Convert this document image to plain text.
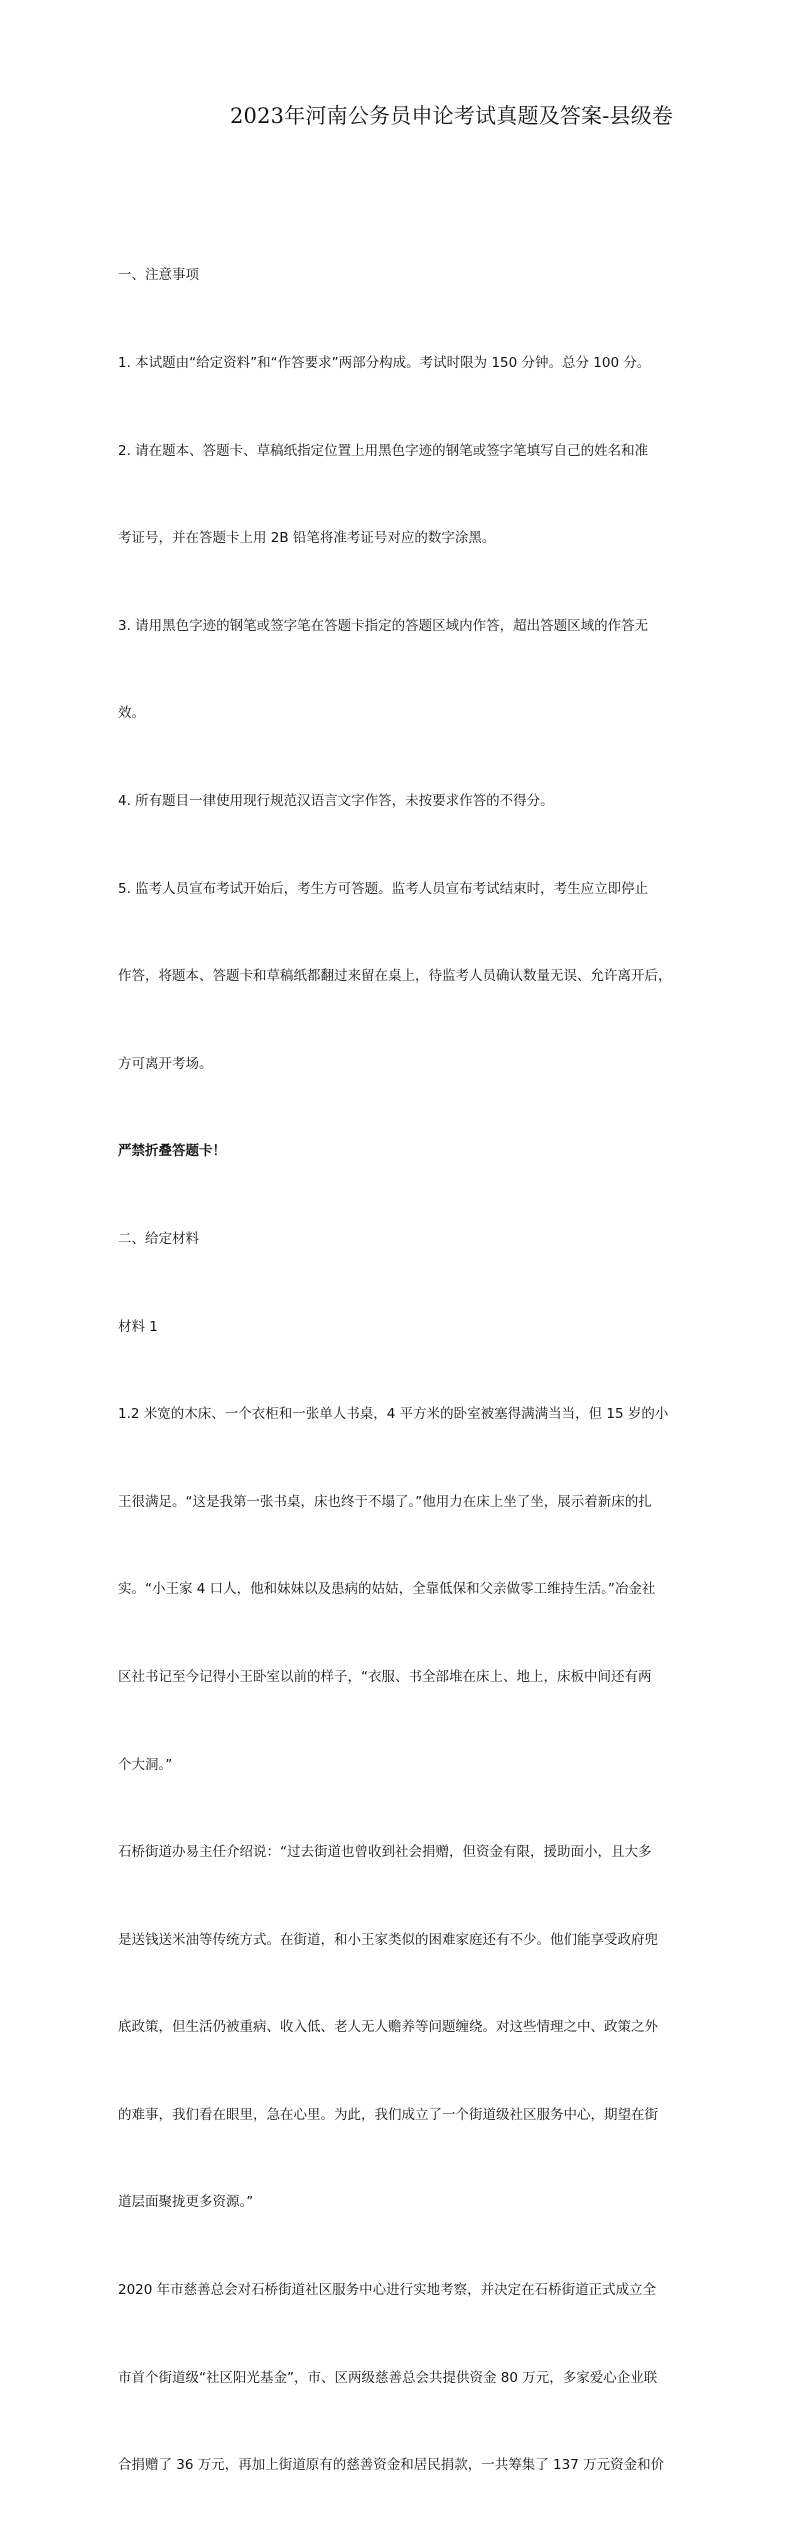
2023年河南公务员申论考试真题及答案-县级卷

一、注意事项

1. 本试题由“给定资料”和“作答要求”两部分构成。考试时限为 150 分钟。总分 100 分。

2. 请在题本、答题卡、草稿纸指定位置上用黑色字迹的钢笔或签字笔填写自己的姓名和准

考证号，并在答题卡上用 2B 铅笔将准考证号对应的数字涂黑。

3. 请用黑色字迹的钢笔或签字笔在答题卡指定的答题区域内作答，超出答题区域的作答无

效。

4. 所有题目一律使用现行规范汉语言文字作答，未按要求作答的不得分。

5. 监考人员宣布考试开始后，考生方可答题。监考人员宣布考试结束时，考生应立即停止

作答，将题本、答题卡和草稿纸都翻过来留在桌上，待监考人员确认数量无误、允许离开后，

方可离开考场。

严禁折叠答题卡！

二、给定材料

材料 1

1.2 米宽的木床、一个衣柜和一张单人书桌，4 平方米的卧室被塞得满满当当，但 15 岁的小

王很满足。“这是我第一张书桌，床也终于不塌了。”他用力在床上坐了坐，展示着新床的扎

实。“小王家 4 口人，他和妹妹以及患病的姑姑，全靠低保和父亲做零工维持生活。”冶金社

区社书记至今记得小王卧室以前的样子，“衣服、书全部堆在床上、地上，床板中间还有两

个大洞。”

石桥街道办易主任介绍说：“过去街道也曾收到社会捐赠，但资金有限，援助面小，且大多

是送钱送米油等传统方式。在街道，和小王家类似的困难家庭还有不少。他们能享受政府兜

底政策，但生活仍被重病、收入低、老人无人赡养等问题缠绕。对这些情理之中、政策之外

的难事，我们看在眼里，急在心里。为此，我们成立了一个街道级社区服务中心，期望在街

道层面聚拢更多资源。”

2020 年市慈善总会对石桥街道社区服务中心进行实地考察，并决定在石桥街道正式成立全

市首个街道级“社区阳光基金”，市、区两级慈善总会共提供资金 80 万元，多家爱心企业联

合捐赠了 36 万元，再加上街道原有的慈善资金和居民捐款，一共筹集了 137 万元资金和价
